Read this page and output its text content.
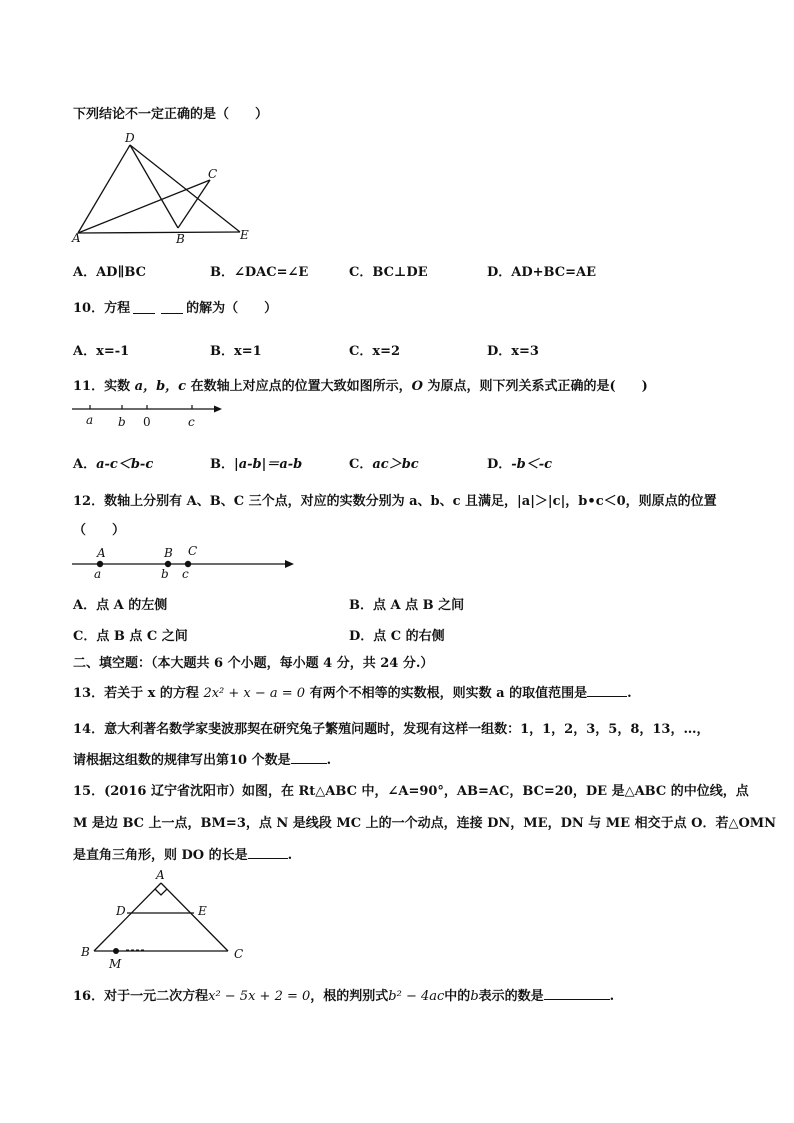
下列结论不一定正确的是（　　）
D
C
A	B	E
A．AD∥BC	B．∠DAC=∠E	C．BC⊥DE	D．AD+BC=AE
10．方程	的解为（　　）
A．x=-1	B．x=1	C．x=2	D．x=3
11．实数 a，b，c 在数轴上对应点的位置大致如图所示，O 为原点，则下列关系式正确的是(　　)
a b 0	c
A．a-c＜b-c	B．|a-b|＝a-b	C．ac＞bc	D．-b＜-c
12．数轴上分别有 A、B、C 三个点，对应的实数分别为 a、b、c 且满足，|a|＞|c|，b•c＜0，则原点的位置
（　　）
A	B C
a	b c
A．点 A 的左侧	B．点 A 点 B 之间
C．点 B 点 C 之间	D．点 C 的右侧
二、填空题：（本大题共 6 个小题，每小题 4 分，共 24 分.）
13．若关于 x 的方程 2x² + x − a = 0 有两个不相等的实数根，则实数 a 的取值范围是	.
14．意大利著名数学家斐波那契在研究兔子繁殖问题时，发现有这样一组数：1，1，2，3，5，8，13，…，
请根据这组数的规律写出第10 个数是	.
15．(2016 辽宁省沈阳市）如图，在 Rt△ABC 中，∠A=90°，AB=AC，BC=20，DE 是△ABC 的中位线，点
M 是边 BC 上一点，BM=3，点 N 是线段 MC 上的一个动点，连接 DN，ME，DN 与 ME 相交于点 O．若△OMN
是直角三角形，则 DO 的长是	.
A
D	E
B	C
M
16．对于一元二次方程x² − 5x + 2 = 0，根的判别式b² − 4ac中的b表示的数是	.
